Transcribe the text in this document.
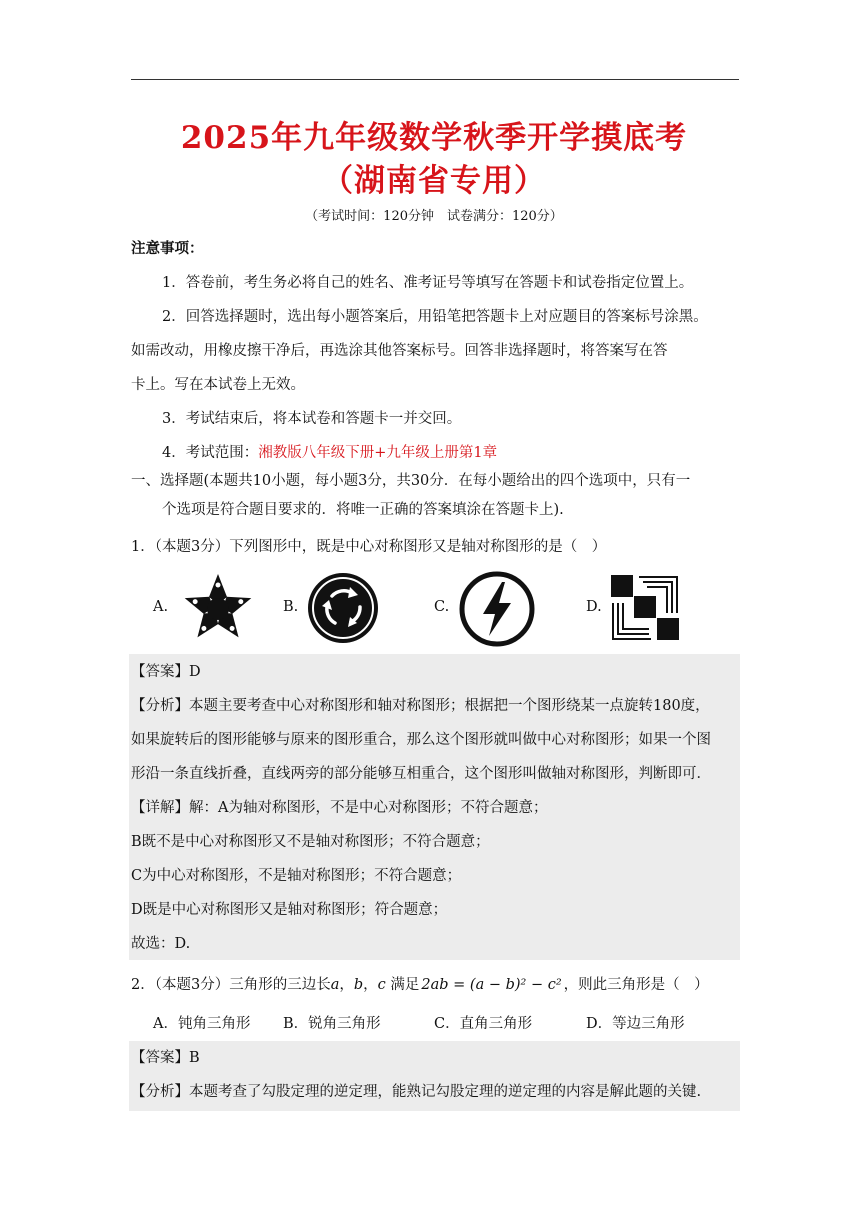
2025年九年级数学秋季开学摸底考
（湖南省专用）
（考试时间：120分钟　试卷满分：120分）
注意事项：
1．答卷前，考生务必将自己的姓名、准考证号等填写在答题卡和试卷指定位置上。
2．回答选择题时，选出每小题答案后，用铅笔把答题卡上对应题目的答案标号涂黑。
如需改动，用橡皮擦干净后，再选涂其他答案标号。回答非选择题时，将答案写在答
卡上。写在本试卷上无效。
3．考试结束后，将本试卷和答题卡一并交回。
4．考试范围：湘教版八年级下册+九年级上册第1章
一、选择题(本题共10小题，每小题3分，共30分．在每小题给出的四个选项中，只有一
个选项是符合题目要求的．将唯一正确的答案填涂在答题卡上).
1．（本题3分）下列图形中，既是中心对称图形又是轴对称图形的是（　）
A.	B.	C.	D.
【答案】D
【分析】本题主要考查中心对称图形和轴对称图形；根据把一个图形绕某一点旋转180度，
如果旋转后的图形能够与原来的图形重合，那么这个图形就叫做中心对称图形；如果一个图
形沿一条直线折叠，直线两旁的部分能够互相重合，这个图形叫做轴对称图形，判断即可．
【详解】解：A为轴对称图形，不是中心对称图形；不符合题意；
B既不是中心对称图形又不是轴对称图形；不符合题意；
C为中心对称图形，不是轴对称图形；不符合题意；
D既是中心对称图形又是轴对称图形；符合题意；
故选：D.
2．（本题3分）三角形的三边长a，b，c 满足 2ab = (a − b)² − c² ，则此三角形是（　）
A．钝角三角形 B．锐角三角形	C．直角三角形	D．等边三角形
【答案】B
【分析】本题考查了勾股定理的逆定理，能熟记勾股定理的逆定理的内容是解此题的关键.
